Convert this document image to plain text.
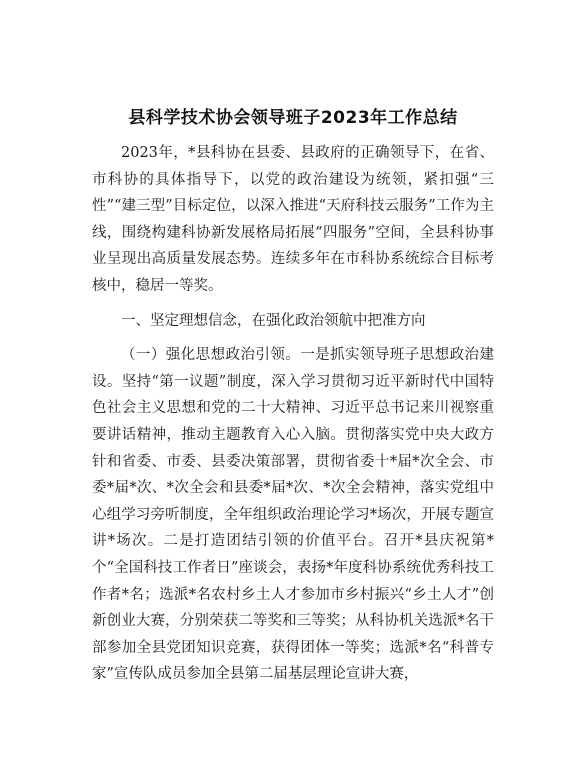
县科学技术协会领导班子2023年工作总结

2023年，*县科协在县委、县政府的正确领导下，在省、市科协的具体指导下，以党的政治建设为统领，紧扣强“三性”“建三型”目标定位，以深入推进“天府科技云服务”工作为主线，围绕构建科协新发展格局拓展“四服务”空间，全县科协事业呈现出高质量发展态势。连续多年在市科协系统综合目标考核中，稳居一等奖。

一、坚定理想信念，在强化政治领航中把准方向

（一）强化思想政治引领。一是抓实领导班子思想政治建设。坚持“第一议题”制度，深入学习贯彻习近平新时代中国特色社会主义思想和党的二十大精神、习近平总书记来川视察重要讲话精神，推动主题教育入心入脑。贯彻落实党中央大政方针和省委、市委、县委决策部署，贯彻省委十*届*次全会、市委*届*次、*次全会和县委*届*次、*次全会精神，落实党组中心组学习旁听制度，全年组织政治理论学习*场次，开展专题宣讲*场次。二是打造团结引领的价值平台。召开*县庆祝第*个“全国科技工作者日”座谈会，表扬*年度科协系统优秀科技工作者*名；选派*名农村乡土人才参加市乡村振兴“乡土人才”创新创业大赛，分别荣获二等奖和三等奖；从科协机关选派*名干部参加全县党团知识竞赛，获得团体一等奖；选派*名“科普专家”宣传队成员参加全县第二届基层理论宣讲大赛，
